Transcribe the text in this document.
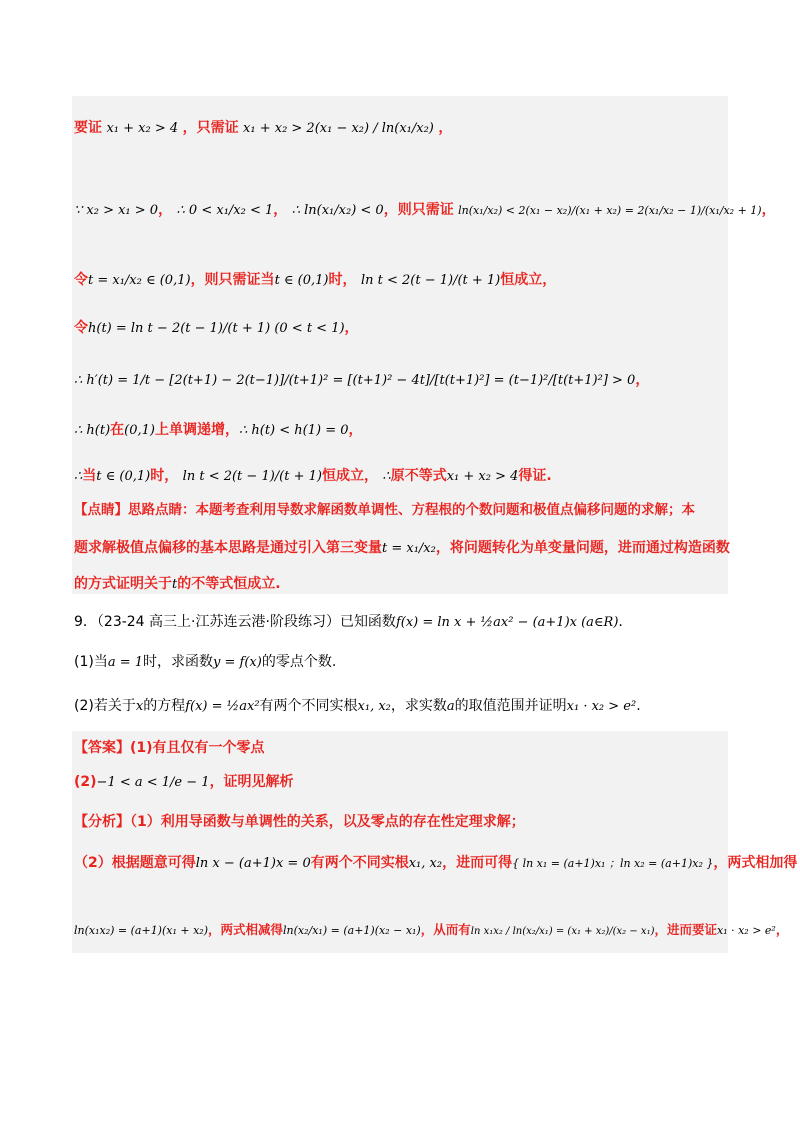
要证 x₁ + x₂ > 4 ，只需证 x₁ + x₂ > 2(x₁ − x₂) / ln(x₁/x₂) ，
∵ x₂ > x₁ > 0， ∴ 0 < x₁/x₂ < 1， ∴ ln(x₁/x₂) < 0，则只需证 ln(x₁/x₂) < 2(x₁ − x₂)/(x₁ + x₂) = 2(x₁/x₂ − 1)/(x₁/x₂ + 1)，
令t = x₁/x₂ ∈ (0,1)，则只需证当t ∈ (0,1)时， ln t < 2(t − 1)/(t + 1)恒成立，
令h(t) = ln t − 2(t − 1)/(t + 1) (0 < t < 1)，
∴ h′(t) = 1/t − [2(t+1) − 2(t−1)]/(t+1)² = [(t+1)² − 4t]/[t(t+1)²] = (t−1)²/[t(t+1)²] > 0，
∴ h(t)在(0,1)上单调递增，∴ h(t) < h(1) = 0，
∴当t ∈ (0,1)时， ln t < 2(t − 1)/(t + 1)恒成立， ∴原不等式x₁ + x₂ > 4得证.
【点睛】思路点睛：本题考查利用导数求解函数单调性、方程根的个数问题和极值点偏移问题的求解；本
题求解极值点偏移的基本思路是通过引入第三变量t = x₁/x₂，将问题转化为单变量问题，进而通过构造函数
的方式证明关于t的不等式恒成立.
9．（23-24 高三上·江苏连云港·阶段练习）已知函数f(x) = ln x + ½ax² − (a+1)x (a∈R).
(1)当a = 1时，求函数y = f(x)的零点个数.
(2)若关于x的方程f(x) = ½ax²有两个不同实根x₁, x₂，求实数a的取值范围并证明x₁ · x₂ > e².
【答案】(1)有且仅有一个零点
(2)−1 < a < 1/e − 1，证明见解析
【分析】（1）利用导函数与单调性的关系，以及零点的存在性定理求解；
（2）根据题意可得ln x − (a+1)x = 0有两个不同实根x₁, x₂，进而可得{ ln x₁ = (a+1)x₁ ；ln x₂ = (a+1)x₂ }，两式相加得
ln(x₁x₂) = (a+1)(x₁ + x₂)，两式相减得ln(x₂/x₁) = (a+1)(x₂ − x₁)，从而有ln x₁x₂ / ln(x₂/x₁) = (x₁ + x₂)/(x₂ − x₁)，进而要证x₁ · x₂ > e²，
